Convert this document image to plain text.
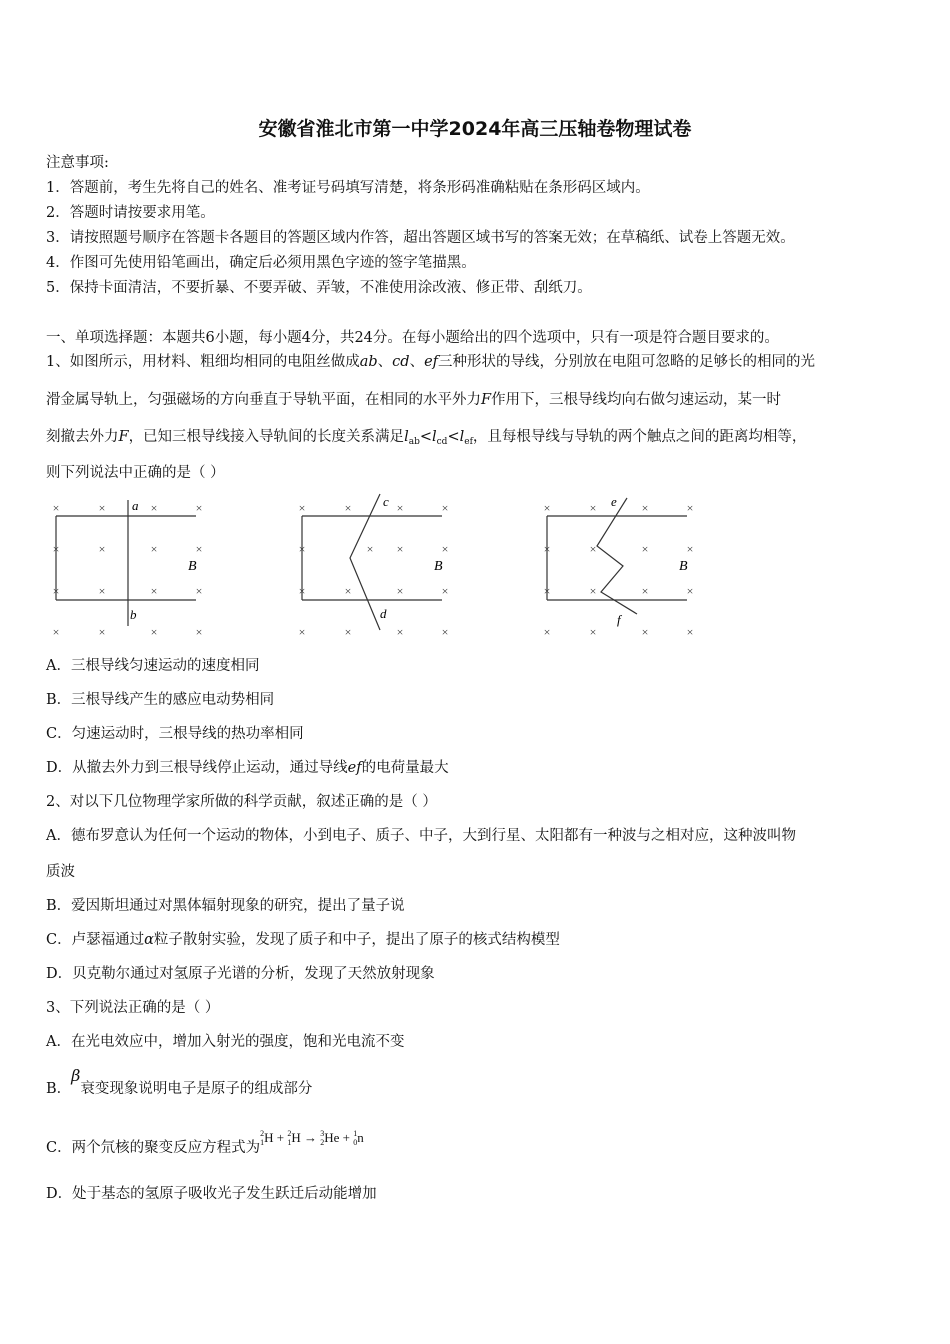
安徽省淮北市第一中学2024年高三压轴卷物理试卷
注意事项:
1．答题前，考生先将自己的姓名、准考证号码填写清楚，将条形码准确粘贴在条形码区域内。
2．答题时请按要求用笔。
3．请按照题号顺序在答题卡各题目的答题区域内作答，超出答题区域书写的答案无效；在草稿纸、试卷上答题无效。
4．作图可先使用铅笔画出，确定后必须用黑色字迹的签字笔描黑。
5．保持卡面清洁，不要折暴、不要弄破、弄皱，不准使用涂改液、修正带、刮纸刀。
一、单项选择题：本题共6小题，每小题4分，共24分。在每小题给出的四个选项中，只有一项是符合题目要求的。
1、如图所示，用材料、粗细均相同的电阻丝做成ab、cd、ef三种形状的导线，分别放在电阻可忽略的足够长的相同的光
滑金属导轨上，匀强磁场的方向垂直于导轨平面，在相同的水平外力F作用下，三根导线均向右做匀速运动，某一时
刻撤去外力F，已知三根导线接入导轨间的长度关系满足$l_{ab}<l_{cd}<l_{ef}$，且每根导线与导轨的两个触点之间的距离均相等，
则下列说法中正确的是（ ）
×	×	×	×
×	×	×	×
×	×	×	×
×	×	×	×
a
b
B
×	×	×	×
×	× ×	×
×	×	×	×
×	×	×	×
c
d
B
×	×	×	×
×	×	×	×
×	×	×	×
×	×	×	×
e
f
B
A．三根导线匀速运动的速度相同
B．三根导线产生的感应电动势相同
C．匀速运动时，三根导线的热功率相同
D．从撤去外力到三根导线停止运动，通过导线ef的电荷量最大
2、对以下几位物理学家所做的科学贡献，叙述正确的是（ ）
A．德布罗意认为任何一个运动的物体，小到电子、质子、中子，大到行星、太阳都有一种波与之相对应，这种波叫物
质波
B．爱因斯坦通过对黑体辐射现象的研究，提出了量子说
C．卢瑟福通过α粒子散射实验，发现了质子和中子，提出了原子的核式结构模型
D．贝克勒尔通过对氢原子光谱的分析，发现了天然放射现象
3、下列说法正确的是（ ）
A．在光电效应中，增加入射光的强度，饱和光电流不变
B．β衰变现象说明电子是原子的组成部分
C．两个氘核的聚变反应方程式为$^2_1$H + $^2_1$H → $^3_2$He + $^1_0$n
D．处于基态的氢原子吸收光子发生跃迁后动能增加
